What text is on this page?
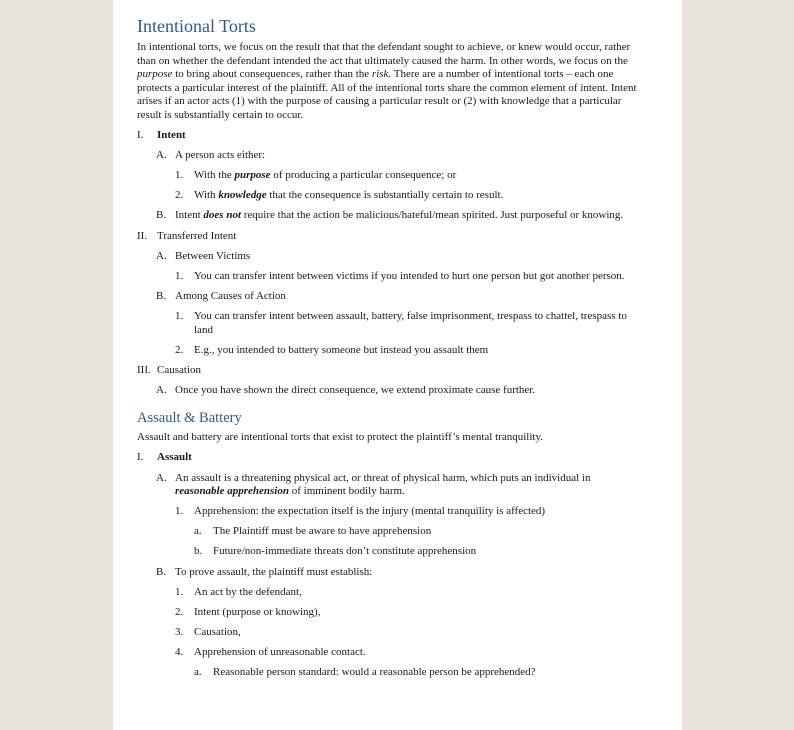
Intentional Torts

In intentional torts, we focus on the result that that the defendant sought to achieve, or knew would occur, rather than on whether the defendant intended the act that ultimately caused the harm. In other words, we focus on the purpose to bring about consequences, rather than the risk. There are a number of intentional torts – each one protects a particular interest of the plaintiff. All of the intentional torts share the common element of intent. Intent arises if an actor acts (1) with the purpose of causing a particular result or (2) with knowledge that a particular result is substantially certain to occur.

I.	Intent
A. A person acts either:
1. With the purpose of producing a particular consequence; or
2. With knowledge that the consequence is substantially certain to result.
B. Intent does not require that the action be malicious/hateful/mean spirited. Just purposeful or knowing.
II. Transferred Intent
A. Between Victims
1. You can transfer intent between victims if you intended to hurt one person but got another person.
B. Among Causes of Action
1. You can transfer intent between assault, battery, false imprisonment, trespass to chattel, trespass to land
2. E.g., you intended to battery someone but instead you assault them
III. Causation
A. Once you have shown the direct consequence, we extend proximate cause further.
Assault & Battery

Assault and battery are intentional torts that exist to protect the plaintiff’s mental tranquility.

I.	Assault
A. An assault is a threatening physical act, or threat of physical harm, which puts an individual in reasonable apprehension of imminent bodily harm.
1. Apprehension: the expectation itself is the injury (mental tranquility is affected)
a.	The Plaintiff must be aware to have apprehension
b. Future/non-immediate threats don’t constitute apprehension
B. To prove assault, the plaintiff must establish:
1. An act by the defendant,
2. Intent (purpose or knowing),
3. Causation,
4. Apprehension of unreasonable contact.
a.	Reasonable person standard: would a reasonable person be apprehended?
